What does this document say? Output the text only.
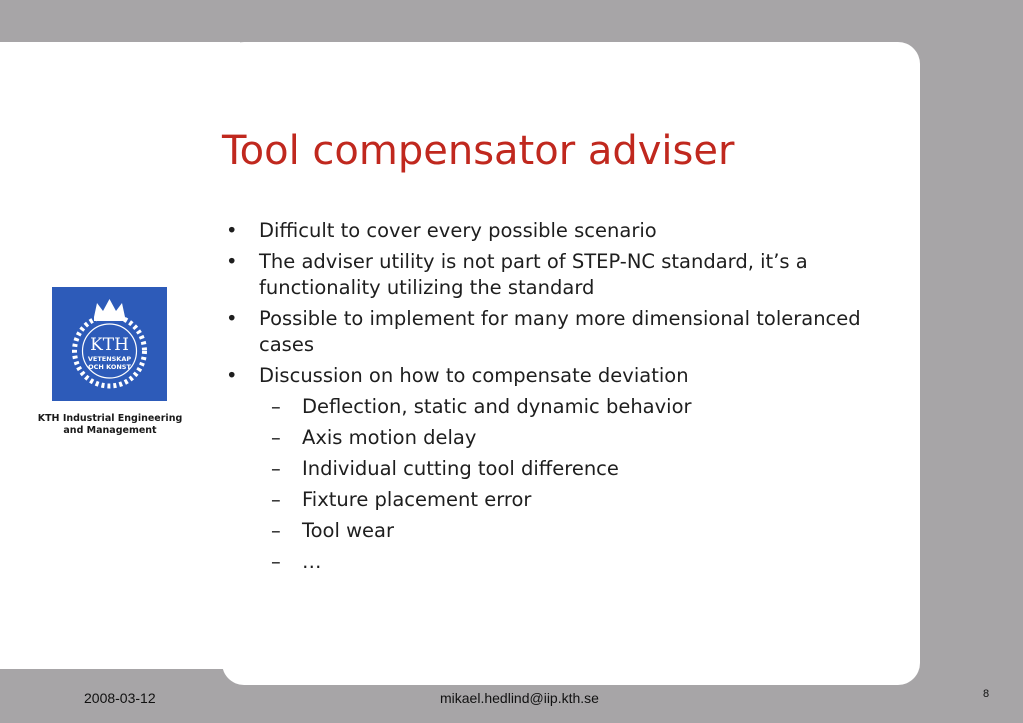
KTH
VETENSKAP
OCH KONST
KTH Industrial Engineering
and Management
Tool compensator adviser
• Difficult to cover every possible scenario
• The adviser utility is not part of STEP-NC standard, it’s a functionality utilizing the standard
• Possible to implement for many more dimensional toleranced cases
• Discussion on how to compensate deviation
– Deflection, static and dynamic behavior
– Axis motion delay
– Individual cutting tool difference
– Fixture placement error
– Tool wear
– …
2008-03-12	mikael.hedlind@iip.kth.se	8
